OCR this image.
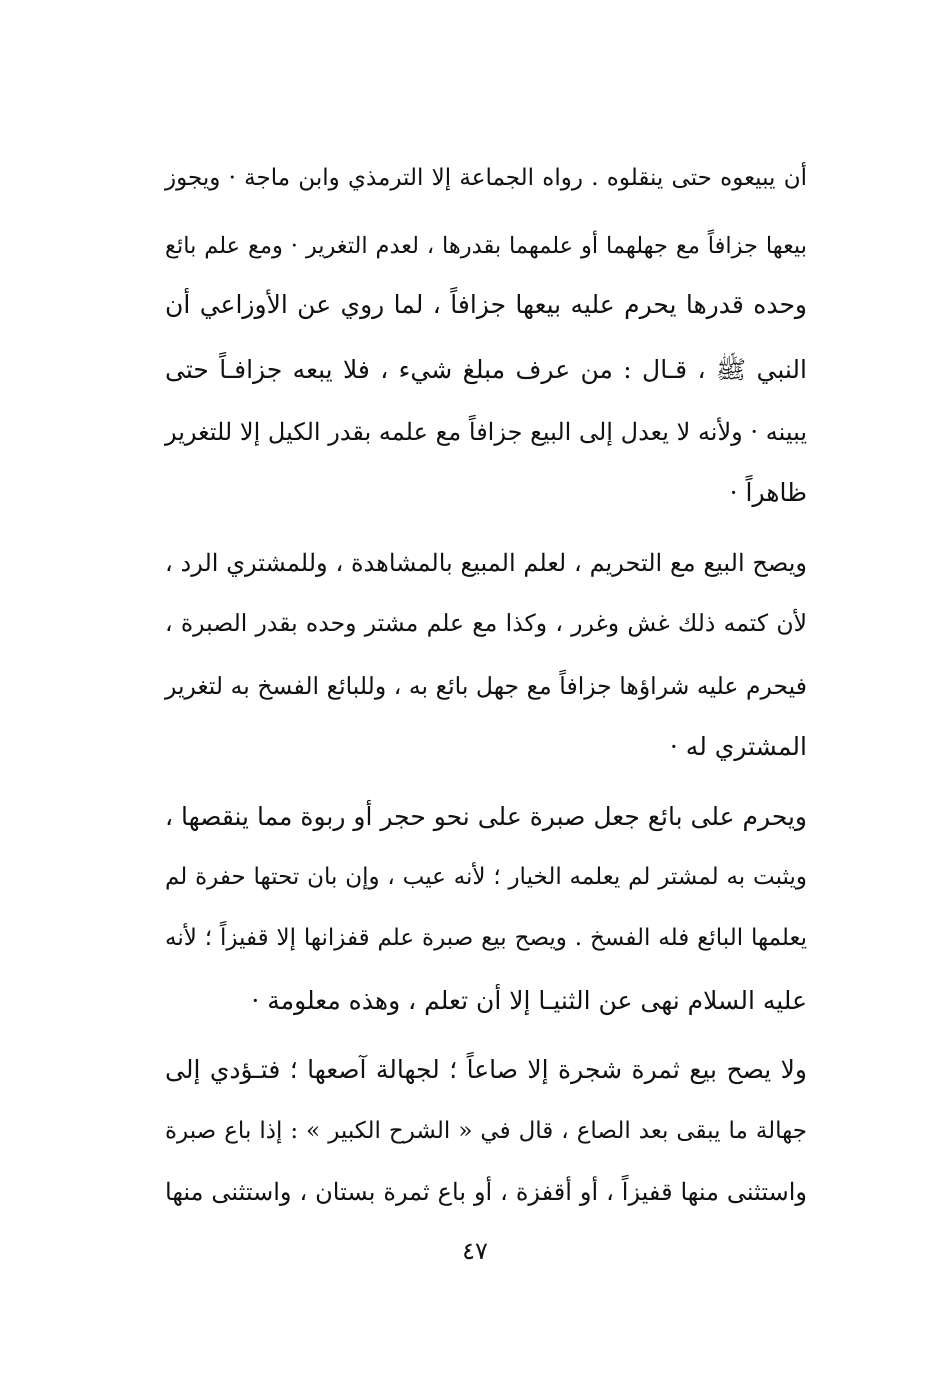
أن يبيعوه حتى ينقلوه . رواه الجماعة إلا الترمذي وابن ماجة · ويجوز
بيعها جزافاً مع جهلهما أو علمهما بقدرها ، لعدم التغرير · ومع علم بائع
وحده قدرها يحرم عليه بيعها جزافاً ، لما روي عن الأوزاعي أن
النبي ﷺ ، قـال : من عرف مبلغ شيء ، فلا يبعه جزافـاً حتى
يبينه · ولأنه لا يعدل إلى البيع جزافاً مع علمه بقدر الكيل إلا للتغرير
ظاهراً ·
ويصح البيع مع التحريم ، لعلم المبيع بالمشاهدة ، وللمشتري الرد ،
لأن كتمه ذلك غش وغرر ، وكذا مع علم مشتر وحده بقدر الصبرة ،
فيحرم عليه شراؤها جزافاً مع جهل بائع به ، وللبائع الفسخ به لتغرير
المشتري له ·
ويحرم على بائع جعل صبرة على نحو حجر أو ربوة مما ينقصها ،
ويثبت به لمشتر لم يعلمه الخيار ؛ لأنه عيب ، وإن بان تحتها حفرة لم
يعلمها البائع فله الفسخ . ويصح بيع صبرة علم قفزانها إلا قفيزاً ؛ لأنه
عليه السلام نهى عن الثنيـا إلا أن تعلم ، وهذه معلومة ·
ولا يصح بيع ثمرة شجرة إلا صاعاً ؛ لجهالة آصعها ؛ فتـؤدي إلى
جهالة ما يبقى بعد الصاع ، قال في « الشرح الكبير » : إذا باع صبرة
واستثنى منها قفيزاً ، أو أقفزة ، أو باع ثمرة بستان ، واستثنى منها
٤٧
